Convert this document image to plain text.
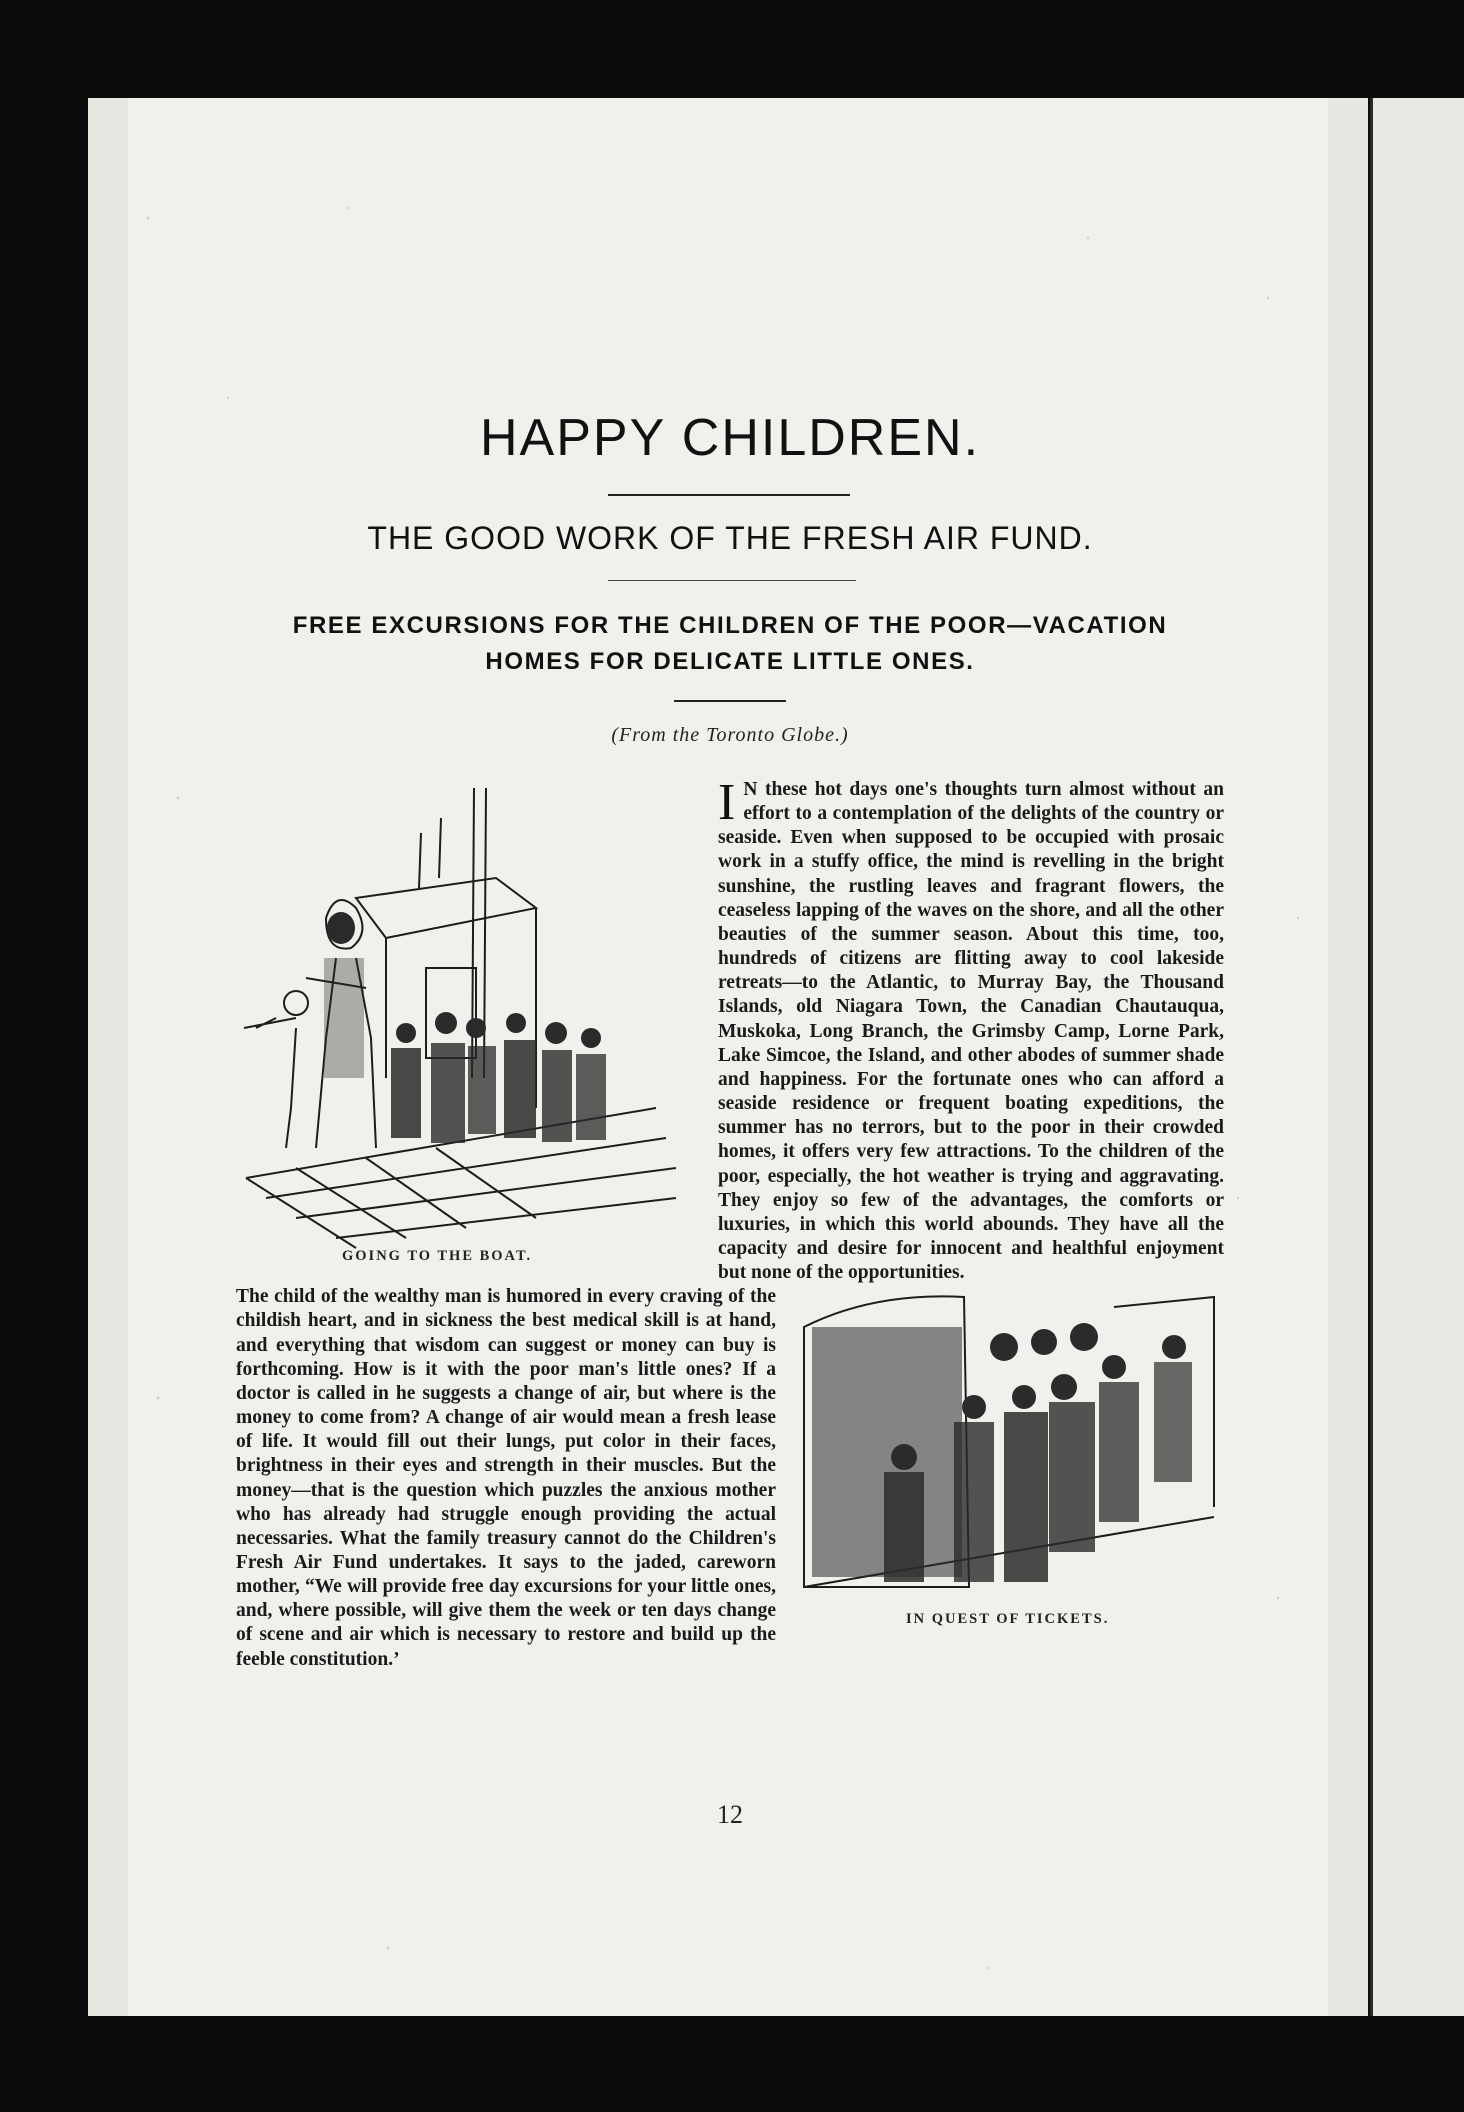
HAPPY CHILDREN.
THE GOOD WORK OF THE FRESH AIR FUND.
FREE EXCURSIONS FOR THE CHILDREN OF THE POOR—VACATION
HOMES FOR DELICATE LITTLE ONES.
(From the Toronto Globe.)
GOING TO THE BOAT.

I N these hot days one's thoughts turn almost without an effort to a contemplation of the delights of the country or seaside. Even when supposed to be occupied with prosaic work in a stuffy office, the mind is revelling in the bright sunshine, the rustling leaves and fragrant flowers, the ceaseless lapping of the waves on the shore, and all the other beauties of the summer season. About this time, too, hundreds of citizens are flitting away to cool lakeside retreats—to the Atlantic, to Murray Bay, the Thousand Islands, old Niagara Town, the Canadian Chautauqua, Muskoka, Long Branch, the Grimsby Camp, Lorne Park, Lake Simcoe, the Island, and other abodes of summer shade and happiness. For the fortunate ones who can afford a seaside residence or frequent boating expeditions, the summer has no terrors, but to the poor in their crowded homes, it offers very few attractions. To the children of the poor, especially, the hot weather is trying and aggravating. They enjoy so few of the advantages, the comforts or luxuries, in which this world abounds. They have all the capacity and desire for innocent and healthful enjoyment but none of the opportunities.

IN QUEST OF TICKETS.

The child of the wealthy man is humored in every craving of the childish heart, and in sickness the best medical skill is at hand, and everything that wisdom can suggest or money can buy is forthcoming. How is it with the poor man's little ones? If a doctor is called in he suggests a change of air, but where is the money to come from? A change of air would mean a fresh lease of life. It would fill out their lungs, put color in their faces, brightness in their eyes and strength in their muscles. But the money—that is the question which puzzles the anxious mother who has already had struggle enough providing the actual necessaries. What the family treasury cannot do the Children's Fresh Air Fund undertakes. It says to the jaded, careworn mother, “We will provide free day excursions for your little ones, and, where possible, will give them the week or ten days change of scene and air which is necessary to restore and build up the feeble constitution.’

12
